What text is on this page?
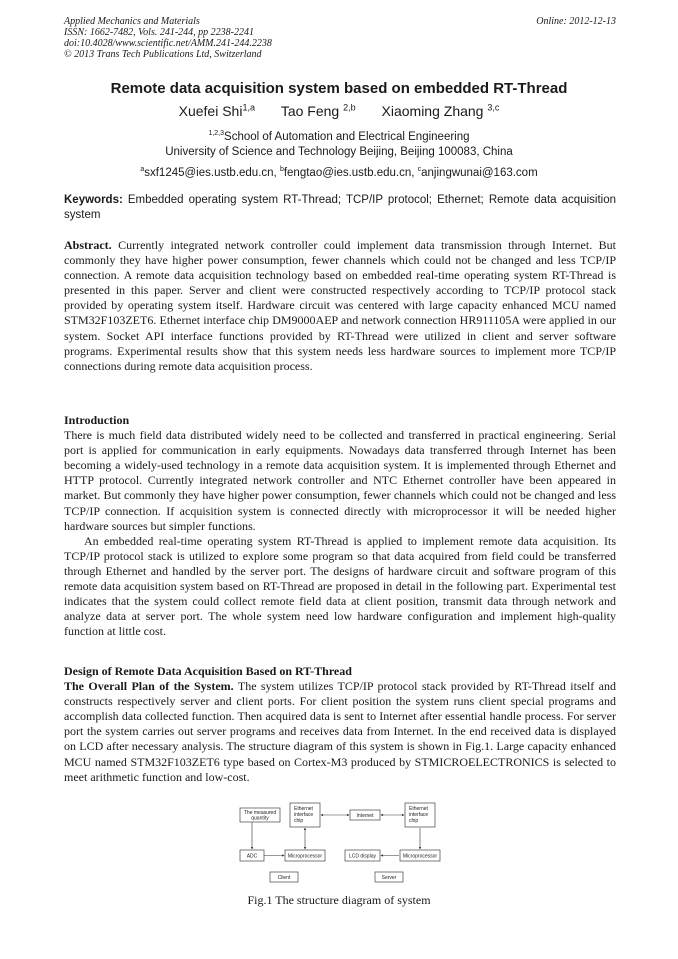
Applied Mechanics and Materials
ISSN: 1662-7482, Vols. 241-244, pp 2238-2241
doi:10.4028/www.scientific.net/AMM.241-244.2238
© 2013 Trans Tech Publications Ltd, Switzerland
Online: 2012-12-13
Remote data acquisition system based on embedded RT-Thread
Xuefei Shi$^{1,a}$ Tao Feng $^{2,b}$ Xiaoming Zhang $^{3,c}$
$^{1,2,3}$School of Automation and Electrical Engineering
University of Science and Technology Beijing, Beijing 100083, China
$^a$sxf1245@ies.ustb.edu.cn, $^b$fengtao@ies.ustb.edu.cn, $^c$anjingwunai@163.com
Keywords: Embedded operating system RT-Thread; TCP/IP protocol; Ethernet; Remote data acquisition system

Abstract. Currently integrated network controller could implement data transmission through Internet. But commonly they have higher power consumption, fewer channels which could not be changed and less TCP/IP connection. A remote data acquisition technology based on embedded real-time operating system RT-Thread is presented in this paper. Server and client were constructed respectively according to TCP/IP protocol stack provided by operating system itself. Hardware circuit was centered with large capacity enhanced MCU named STM32F103ZET6. Ethernet interface chip DM9000AEP and network connection HR911105A were applied in our system. Socket API interface functions provided by RT-Thread were utilized in client and server software programs. Experimental results show that this system needs less hardware sources to implement more TCP/IP connections during remote data acquisition process.

Introduction

There is much field data distributed widely need to be collected and transferred in practical engineering. Serial port is applied for communication in early equipments. Nowadays data transferred through Internet has been becoming a widely-used technology in a remote data acquisition system. It is implemented through Ethernet and HTTP protocol. Currently integrated network controller and NTC Ethernet controller have been appeared in market. But commonly they have higher power consumption, fewer channels which could not be changed and less TCP/IP connection. If acquisition system is connected directly with microprocessor it will be needed higher hardware sources but simpler functions.

An embedded real-time operating system RT-Thread is applied to implement remote data acquisition. Its TCP/IP protocol stack is utilized to explore some program so that data acquired from field could be transferred through Ethernet and handled by the server port. The designs of hardware circuit and software program of this remote data acquisition system based on RT-Thread are proposed in detail in the following part. Experimental test indicates that the system could collect remote field data at client position, transmit data through network and analyze data at server port. The whole system need low hardware configuration and implement high-quality function at little cost.

Design of Remote Data Acquisition Based on RT-Thread

The Overall Plan of the System. The system utilizes TCP/IP protocol stack provided by RT-Thread itself and constructs respectively server and client ports. For client position the system runs client special programs and accomplish data collected function. Then acquired data is sent to Internet after essential handle process. For server port the system carries out server programs and receives data from Internet. In the end received data is displayed on LCD after necessary analysis. The structure diagram of this system is shown in Fig.1. Large capacity enhanced MCU named STM32F103ZET6 type based on Cortex-M3 produced by STMICROELECTRONICS is selected to meet arithmetic function and low-cost.

The measured
quantity
Ethernet
interface
chip
Internet
Ethernet
interface
chip
ADC	Microprocessor	LCD display	Microprocessor
Client	Server
Fig.1 The structure diagram of system
